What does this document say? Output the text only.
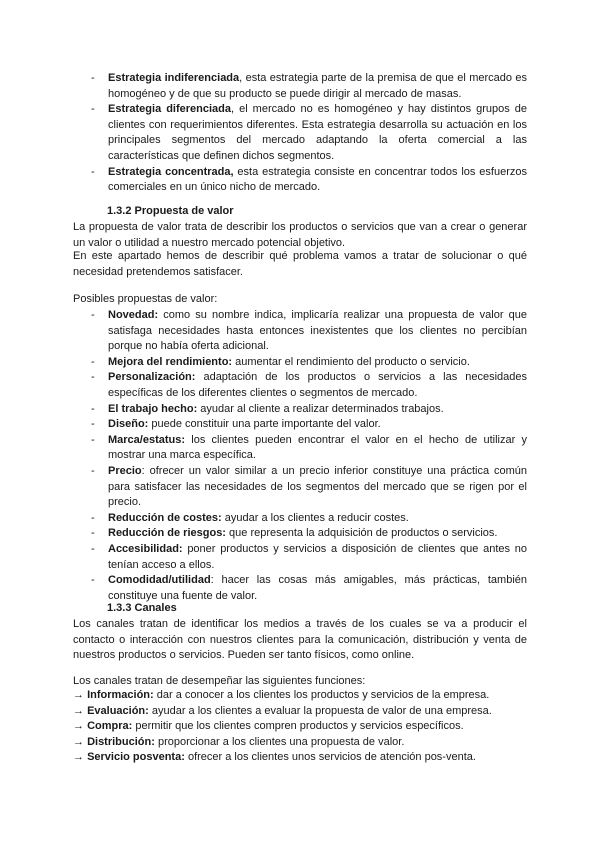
- Estrategia indiferenciada, esta estrategia parte de la premisa de que el mercado es homogéneo y de que su producto se puede dirigir al mercado de masas.
- Estrategia diferenciada, el mercado no es homogéneo y hay distintos grupos de clientes con requerimientos diferentes. Esta estrategia desarrolla su actuación en los principales segmentos del mercado adaptando la oferta comercial a las características que definen dichos segmentos.
- Estrategia concentrada, esta estrategia consiste en concentrar todos los esfuerzos comerciales en un único nicho de mercado.
1.3.2 Propuesta de valor
La propuesta de valor trata de describir los productos o servicios que van a crear o generar un valor o utilidad a nuestro mercado potencial objetivo.
En este apartado hemos de describir qué problema vamos a tratar de solucionar o qué necesidad pretendemos satisfacer.
Posibles propuestas de valor:
- Novedad: como su nombre indica, implicaría realizar una propuesta de valor que satisfaga necesidades hasta entonces inexistentes que los clientes no percibían porque no había oferta adicional.
- Mejora del rendimiento: aumentar el rendimiento del producto o servicio.
- Personalización: adaptación de los productos o servicios a las necesidades específicas de los diferentes clientes o segmentos de mercado.
- El trabajo hecho: ayudar al cliente a realizar determinados trabajos.
- Diseño: puede constituir una parte importante del valor.
- Marca/estatus: los clientes pueden encontrar el valor en el hecho de utilizar y mostrar una marca específica.
- Precio: ofrecer un valor similar a un precio inferior constituye una práctica común para satisfacer las necesidades de los segmentos del mercado que se rigen por el precio.
- Reducción de costes: ayudar a los clientes a reducir costes.
- Reducción de riesgos: que representa la adquisición de productos o servicios.
- Accesibilidad: poner productos y servicios a disposición de clientes que antes no tenían acceso a ellos.
- Comodidad/utilidad: hacer las cosas más amigables, más prácticas, también constituye una fuente de valor.
1.3.3 Canales
Los canales tratan de identificar los medios a través de los cuales se va a producir el contacto o interacción con nuestros clientes para la comunicación, distribución y venta de nuestros productos o servicios. Pueden ser tanto físicos, como online.
Los canales tratan de desempeñar las siguientes funciones:
→ Información: dar a conocer a los clientes los productos y servicios de la empresa.
→ Evaluación: ayudar a los clientes a evaluar la propuesta de valor de una empresa.
→ Compra: permitir que los clientes compren productos y servicios específicos.
→ Distribución: proporcionar a los clientes una propuesta de valor.
→ Servicio posventa: ofrecer a los clientes unos servicios de atención pos-venta.
